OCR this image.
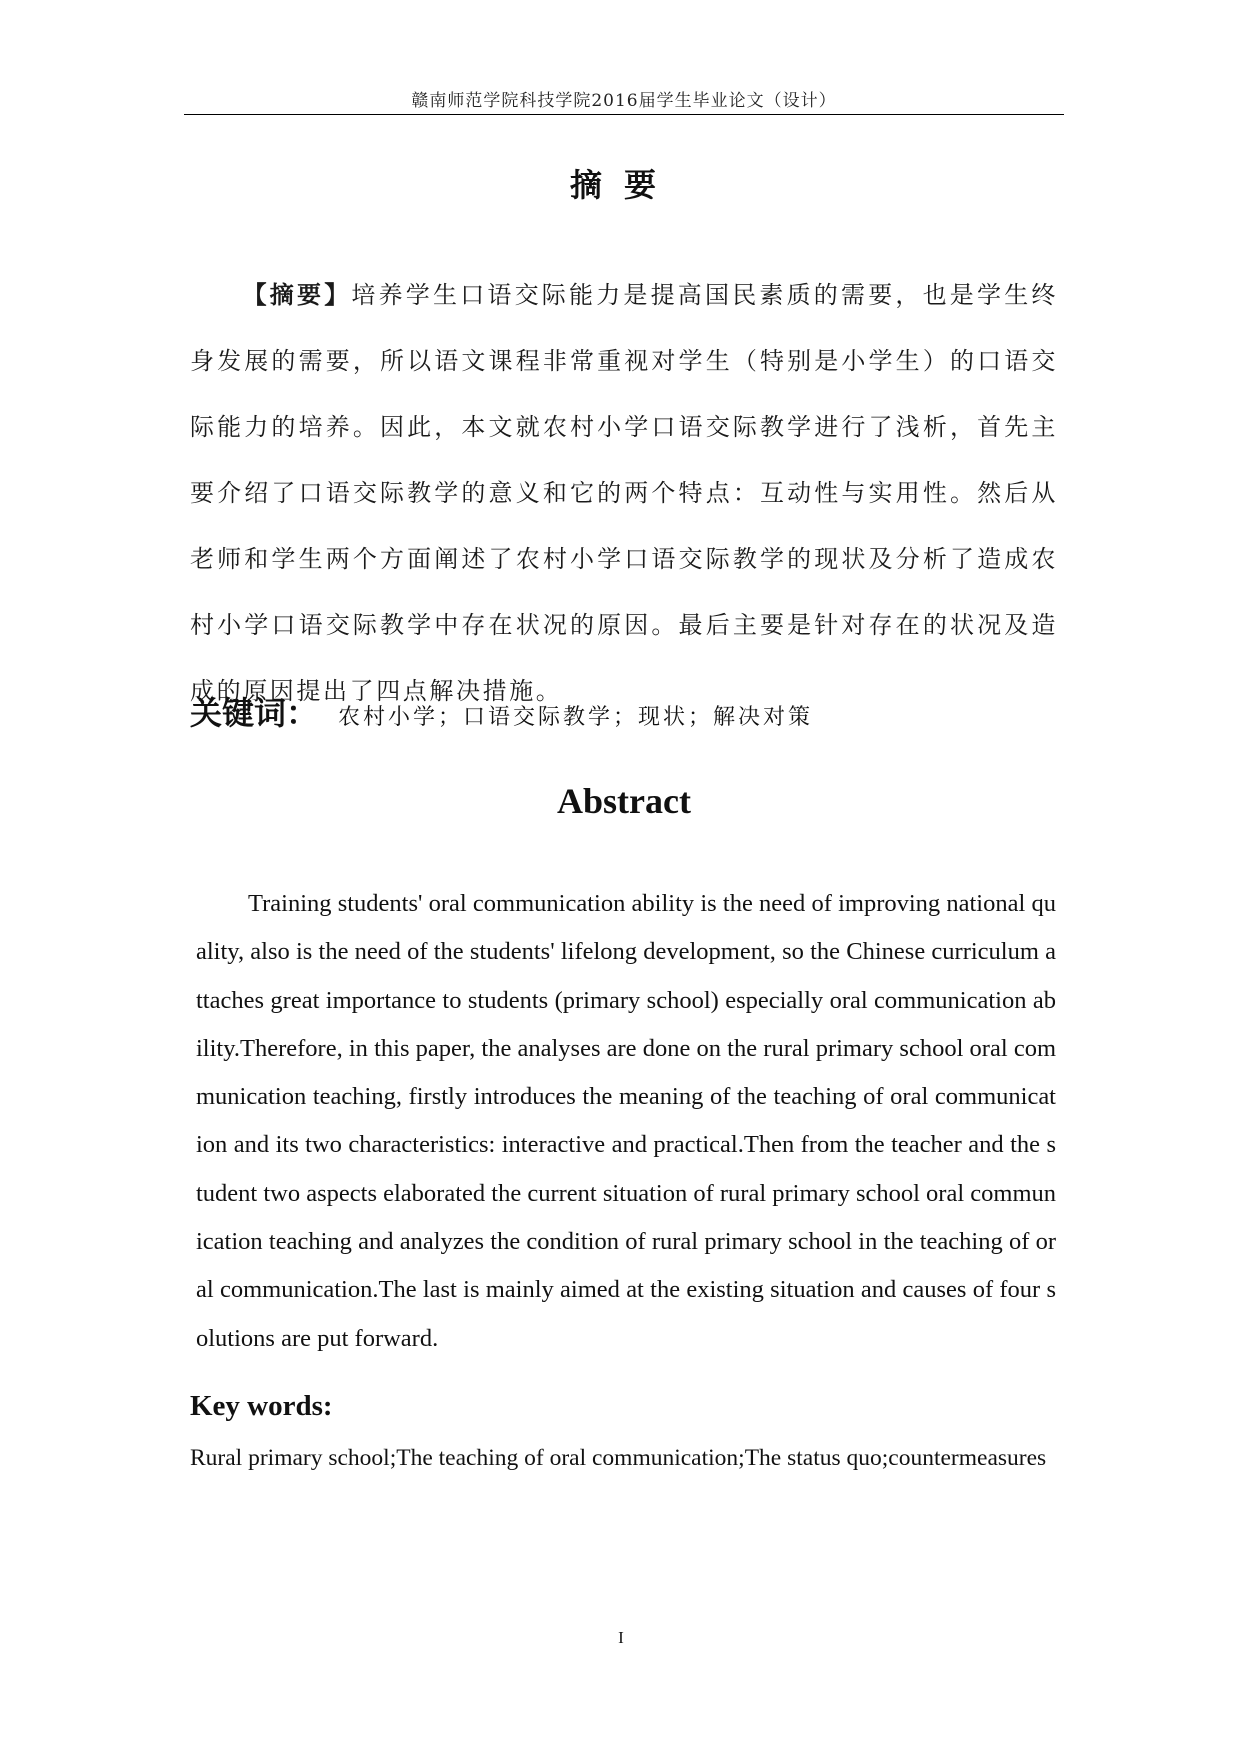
赣南师范学院科技学院2016届学生毕业论文（设计）
摘要
【摘要】培养学生口语交际能力是提高国民素质的需要，也是学生终身发展的需要，所以语文课程非常重视对学生（特别是小学生）的口语交际能力的培养。因此，本文就农村小学口语交际教学进行了浅析，首先主要介绍了口语交际教学的意义和它的两个特点：互动性与实用性。然后从老师和学生两个方面阐述了农村小学口语交际教学的现状及分析了造成农村小学口语交际教学中存在状况的原因。最后主要是针对存在的状况及造成的原因提出了四点解决措施。
关键词： 农村小学；口语交际教学；现状；解决对策
Abstract
Training students' oral communication ability is the need of improving national quality, also is the need of the students' lifelong development, so the Chinese curriculum attaches great importance to students (primary school) especially oral communication ability.Therefore, in this paper, the analyses are done on the rural primary school oral communication teaching, firstly introduces the meaning of the teaching of oral communication and its two characteristics: interactive and practical.Then from the teacher and the student two aspects elaborated the current situation of rural primary school oral communication teaching and analyzes the condition of rural primary school in the teaching of oral communication.The last is mainly aimed at the existing situation and causes of four solutions are put forward.
Key words:
Rural primary school;The teaching of oral communication;The status quo;countermeasures
I
